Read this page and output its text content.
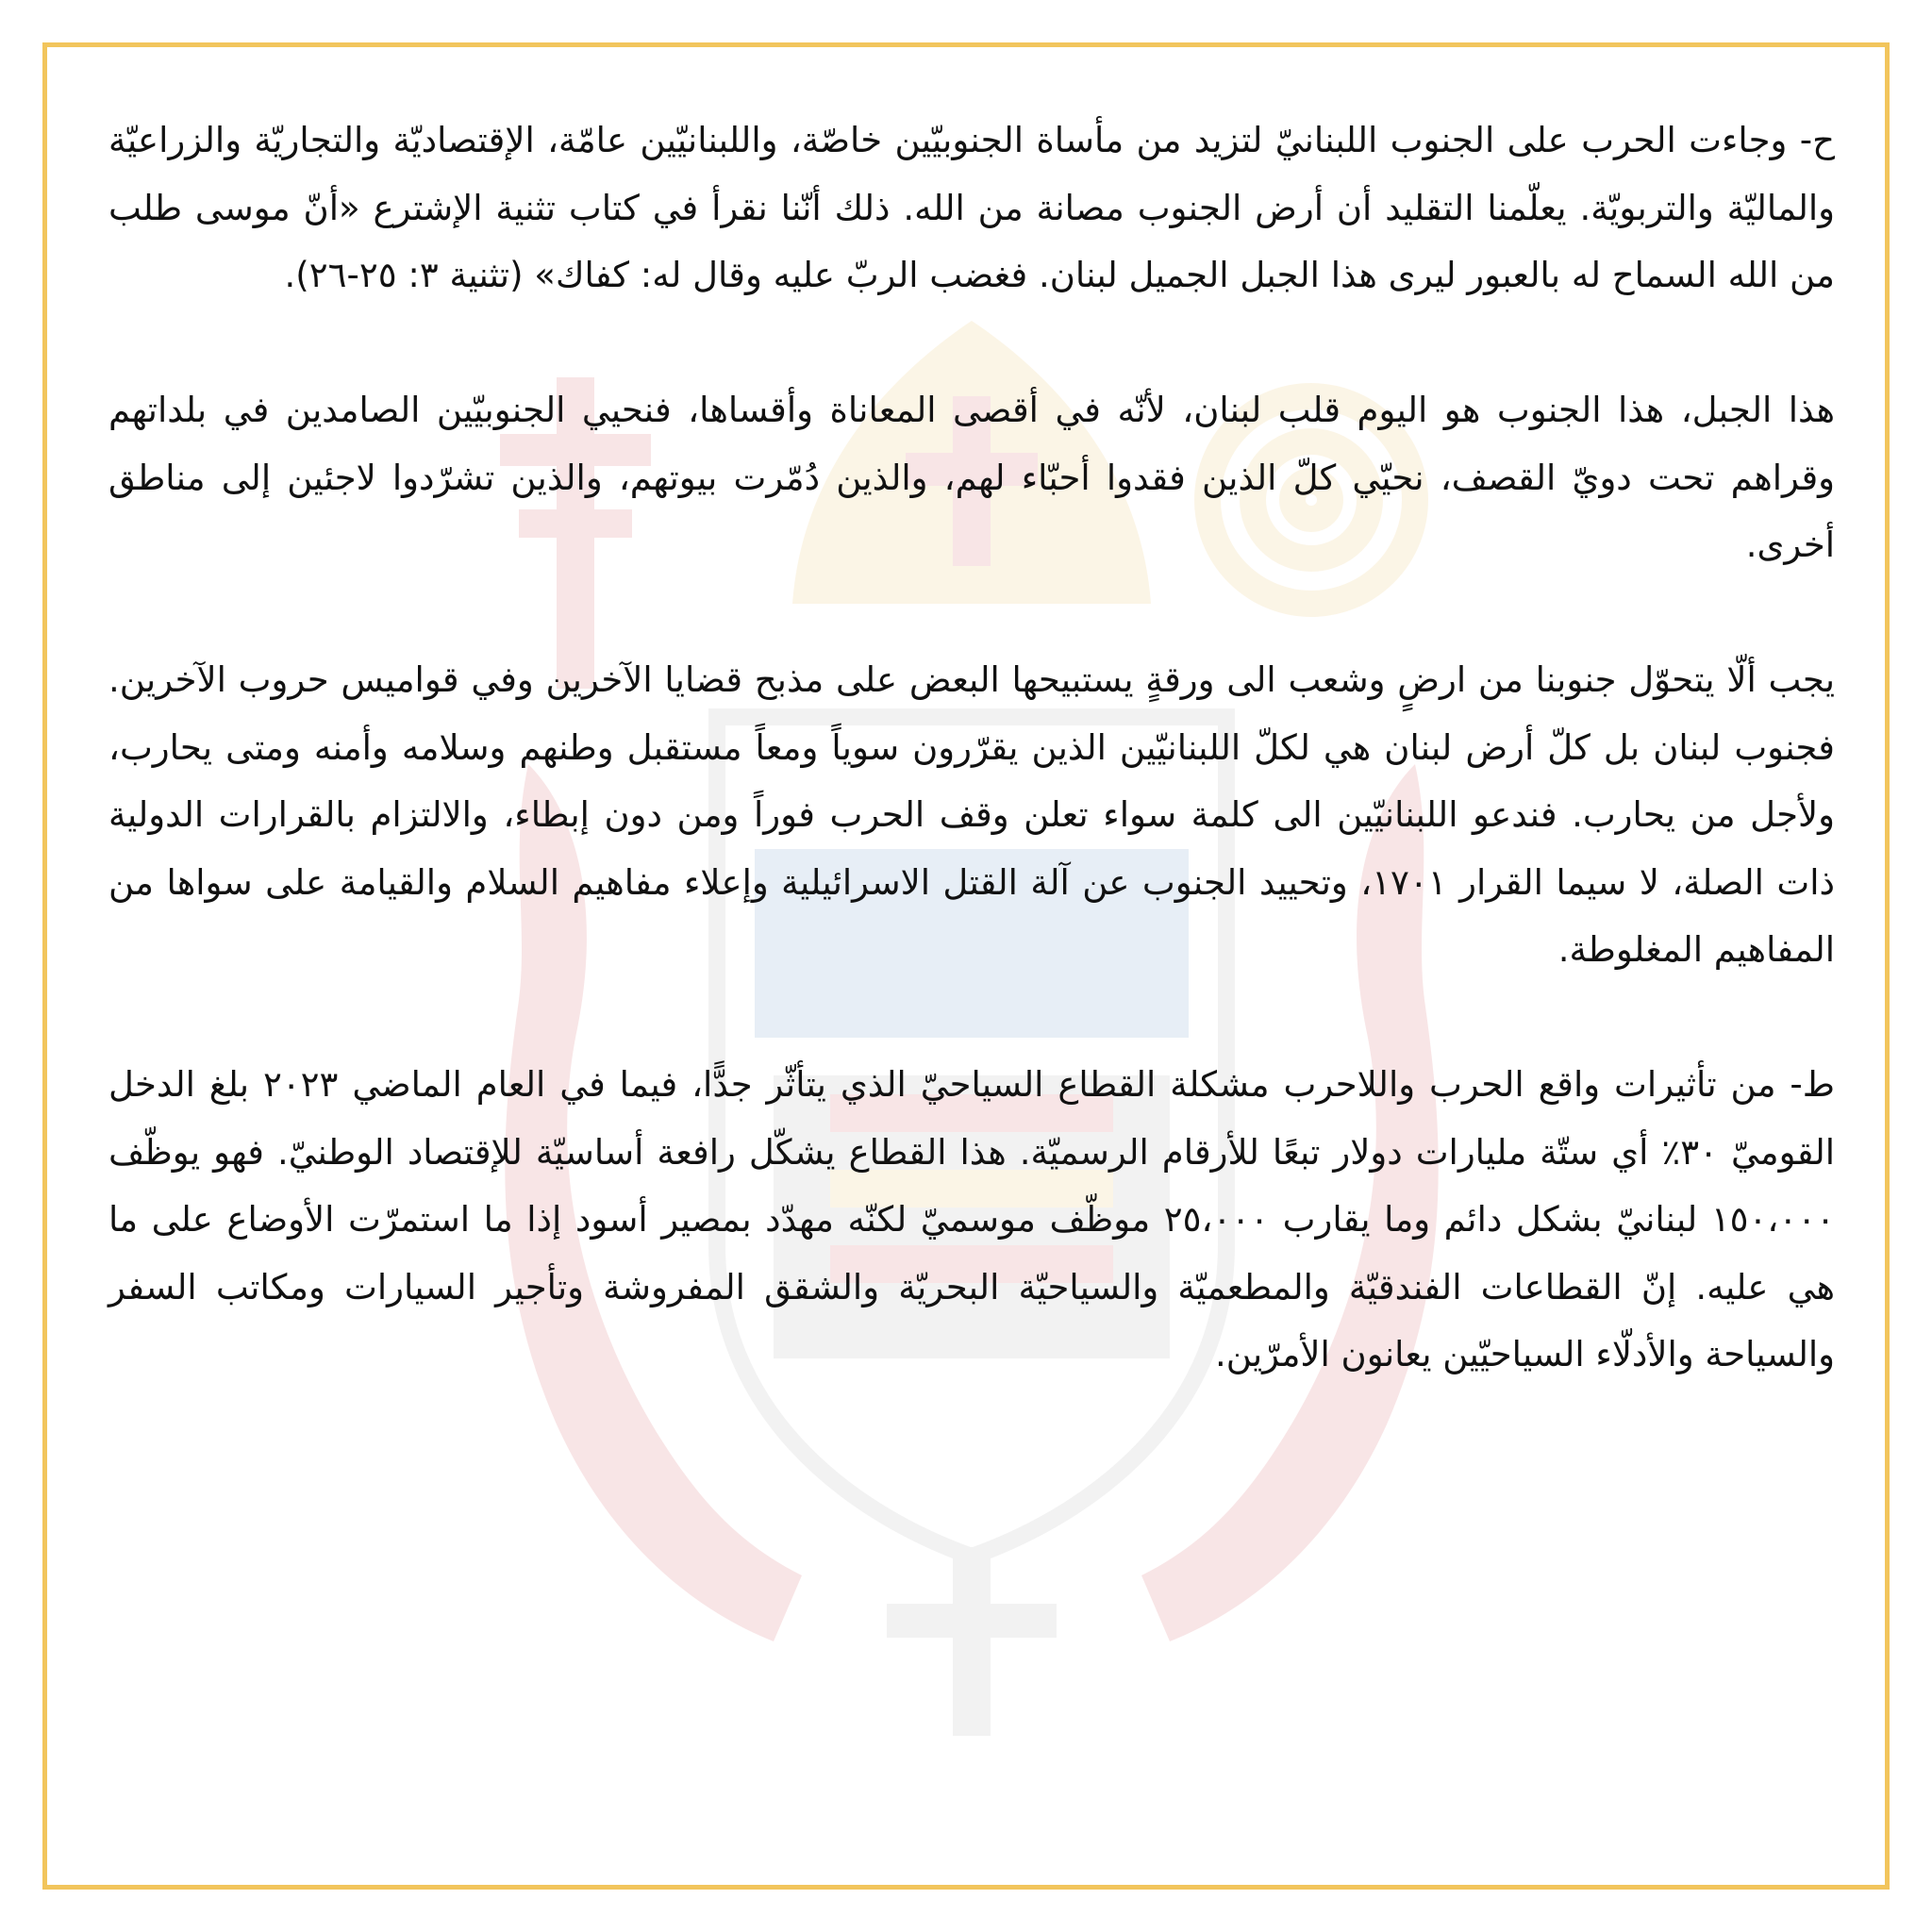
ح- وجاءت الحرب على الجنوب اللبنانيّ لتزيد من مأساة الجنوبيّين خاصّة، واللبنانيّين عامّة، الإقتصاديّة والتجاريّة والزراعيّة والماليّة والتربويّة. يعلّمنا التقليد أن أرض الجنوب مصانة من الله. ذلك أنّنا نقرأ في كتاب تثنية الإشترع «أنّ موسى طلب من الله السماح له بالعبور ليرى هذا الجبل الجميل لبنان. فغضب الربّ عليه وقال له: كفاك» (تثنية ٣: ٢٥-٢٦).

هذا الجبل، هذا الجنوب هو اليوم قلب لبنان، لأنّه في أقصى المعاناة وأقساها، فنحيي الجنوبيّين الصامدين في بلداتهم وقراهم تحت دويّ القصف، نحيّي كلّ الذين فقدوا أحبّاء لهم، والذين دُمّرت بيوتهم، والذين تشرّدوا لاجئين إلى مناطق أخرى.

يجب ألّا يتحوّل جنوبنا من ارضٍ وشعب الى ورقةٍ يستبيحها البعض على مذبح قضايا الآخرين وفي قواميس حروب الآخرين. فجنوب لبنان بل كلّ أرض لبنان هي لكلّ اللبنانيّين الذين يقرّرون سوياً ومعاً مستقبل وطنهم وسلامه وأمنه ومتى يحارب، ولأجل من يحارب. فندعو اللبنانيّين الى كلمة سواء تعلن وقف الحرب فوراً ومن دون إبطاء، والالتزام بالقرارات الدولية ذات الصلة، لا سيما القرار ١٧٠١، وتحييد الجنوب عن آلة القتل الاسرائيلية وإعلاء مفاهيم السلام والقيامة على سواها من المفاهيم المغلوطة.

ط- من تأثيرات واقع الحرب واللاحرب مشكلة القطاع السياحيّ الذي يتأثّر جدًّا، فيما في العام الماضي ٢٠٢٣ بلغ الدخل القوميّ ٣٠٪ أي ستّة مليارات دولار تبعًا للأرقام الرسميّة. هذا القطاع يشكّل رافعة أساسيّة للإقتصاد الوطنيّ. فهو يوظّف ١٥٠،٠٠٠ لبنانيّ بشكل دائم وما يقارب ٢٥،٠٠٠ موظّف موسميّ لكنّه مهدّد بمصير أسود إذا ما استمرّت الأوضاع على ما هي عليه. إنّ القطاعات الفندقيّة والمطعميّة والسياحيّة البحريّة والشقق المفروشة وتأجير السيارات ومكاتب السفر والسياحة والأدلّاء السياحيّين يعانون الأمرّين.
